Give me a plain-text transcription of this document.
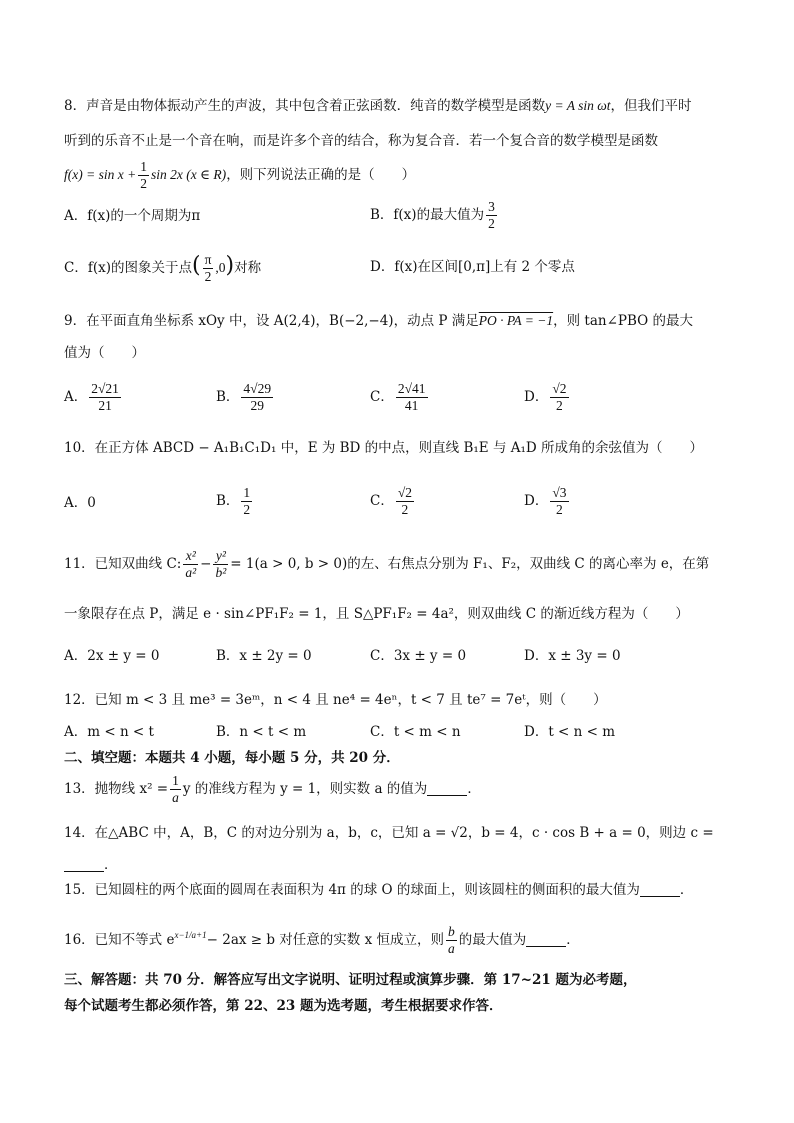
8．声音是由物体振动产生的声波，其中包含着正弦函数．纯音的数学模型是函数y = A sin ωt，但我们平时
听到的乐音不止是一个音在响，而是许多个音的结合，称为复合音．若一个复合音的数学模型是函数
$f(x) = \sin x + \frac{1}{2}$ sin 2x (x ∈ R)，则下列说法正确的是（　　）
A．f(x)的一个周期为π	B．f(x)的最大值为 $\frac{3}{2}$
C．f(x)的图象关于点( $\frac{\pi}{2} ,0$)对称	D．f(x)在区间[0,π]上有 2 个零点
9．在平面直角坐标系 xOy 中，设 A(2,4)，B(−2,−4)，动点 P 满足PO · PA = −1，则 tan∠PBO 的最大
值为（　　）
A． $\frac{2√21}{21}$	B． $\frac{4√29}{29}$	C． $\frac{2√41}{41}$	D． $\frac{√2}{2}$
10．在正方体 ABCD − A₁B₁C₁D₁ 中，E 为 BD 的中点，则直线 B₁E 与 A₁D 所成角的余弦值为（　　）
A．0	B． $\frac{1}{2}$	C． $\frac{√2}{2}$	D． $\frac{√3}{2}$
11．已知双曲线 C: $\frac{\text{x²}}{\text{a²}} - \frac{\text{y²}}{\text{b²}} = 1(a > 0$, b > 0)的左、右焦点分别为 F₁、F₂，双曲线 C 的离心率为 e，在第
一象限存在点 P，满足 e · sin∠PF₁F₂ = 1，且 S△PF₁F₂ = 4a²，则双曲线 C 的渐近线方程为（　　）
A．2x ± y = 0	B．x ± 2y = 0	C．3x ± y = 0	D．x ± 3y = 0
12．已知 m < 3 且 me³ = 3eᵐ，n < 4 且 ne⁴ = 4eⁿ，t < 7 且 te⁷ = 7eᵗ，则（　　）
A．m < n < t	B．n < t < m	C．t < m < n	D．t < n < m
二、填空题：本题共 4 小题，每小题 5 分，共 20 分．
13．抛物线 $x^2 = \frac{1}{a}$ y 的准线方程为 y = 1，则实数 a 的值为	．
14．在△ABC 中，A，B，C 的对边分别为 a，b，c，已知 a = √2，b = 4，c · cos B + a = 0，则边 c =
．
15．已知圆柱的两个底面的圆周在表面积为 4π 的球 O 的球面上，则该圆柱的侧面积的最大值为	．
16．已知不等式 $e^{x-1/a+1}- 2ax \ge b$ 对任意的实数 x 恒成立，则 $\frac{b}{a}$ 的最大值为	．
三、解答题：共 70 分．解答应写出文字说明、证明过程或演算步骤．第 17~21 题为必考题，
每个试题考生都必须作答，第 22、23 题为选考题，考生根据要求作答．
